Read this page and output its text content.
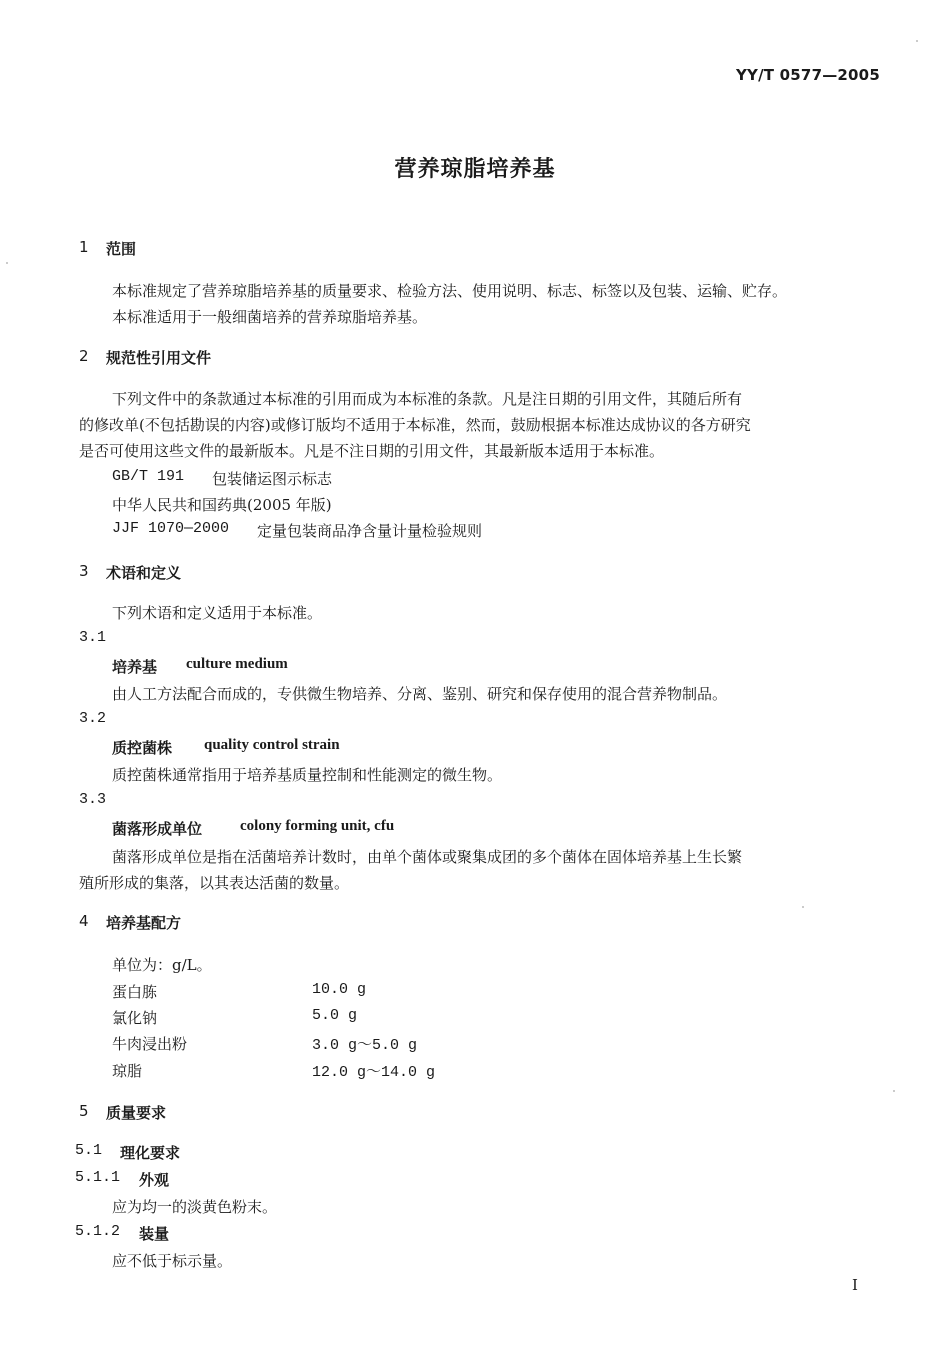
YY/T 0577—2005
营养琼脂培养基
1 范围
本标准规定了营养琼脂培养基的质量要求、检验方法、使用说明、标志、标签以及包装、运输、贮存。
本标准适用于一般细菌培养的营养琼脂培养基。
2 规范性引用文件
下列文件中的条款通过本标准的引用而成为本标准的条款。凡是注日期的引用文件，其随后所有
的修改单(不包括勘误的内容)或修订版均不适用于本标准，然而，鼓励根据本标准达成协议的各方研究
是否可使用这些文件的最新版本。凡是不注日期的引用文件，其最新版本适用于本标准。
GB/T 191 包装储运图示标志
中华人民共和国药典(2005 年版)
JJF 1070—2000 定量包装商品净含量计量检验规则
3 术语和定义
下列术语和定义适用于本标准。
3.1
培养基 culture medium
由人工方法配合而成的，专供微生物培养、分离、鉴别、研究和保存使用的混合营养物制品。
3.2
质控菌株 quality control strain
质控菌株通常指用于培养基质量控制和性能测定的微生物。
3.3
菌落形成单位	colony forming unit, cfu
菌落形成单位是指在活菌培养计数时，由单个菌体或聚集成团的多个菌体在固体培养基上生长繁
殖所形成的集落，以其表达活菌的数量。
4 培养基配方
单位为：g/L。
蛋白胨	10.0 g
氯化钠	5.0 g
牛肉浸出粉	3.0 g～5.0 g
琼脂	12.0 g～14.0 g
5 质量要求
5.1 理化要求
5.1.1 外观
应为均一的淡黄色粉末。
5.1.2 装量
应不低于标示量。
I
